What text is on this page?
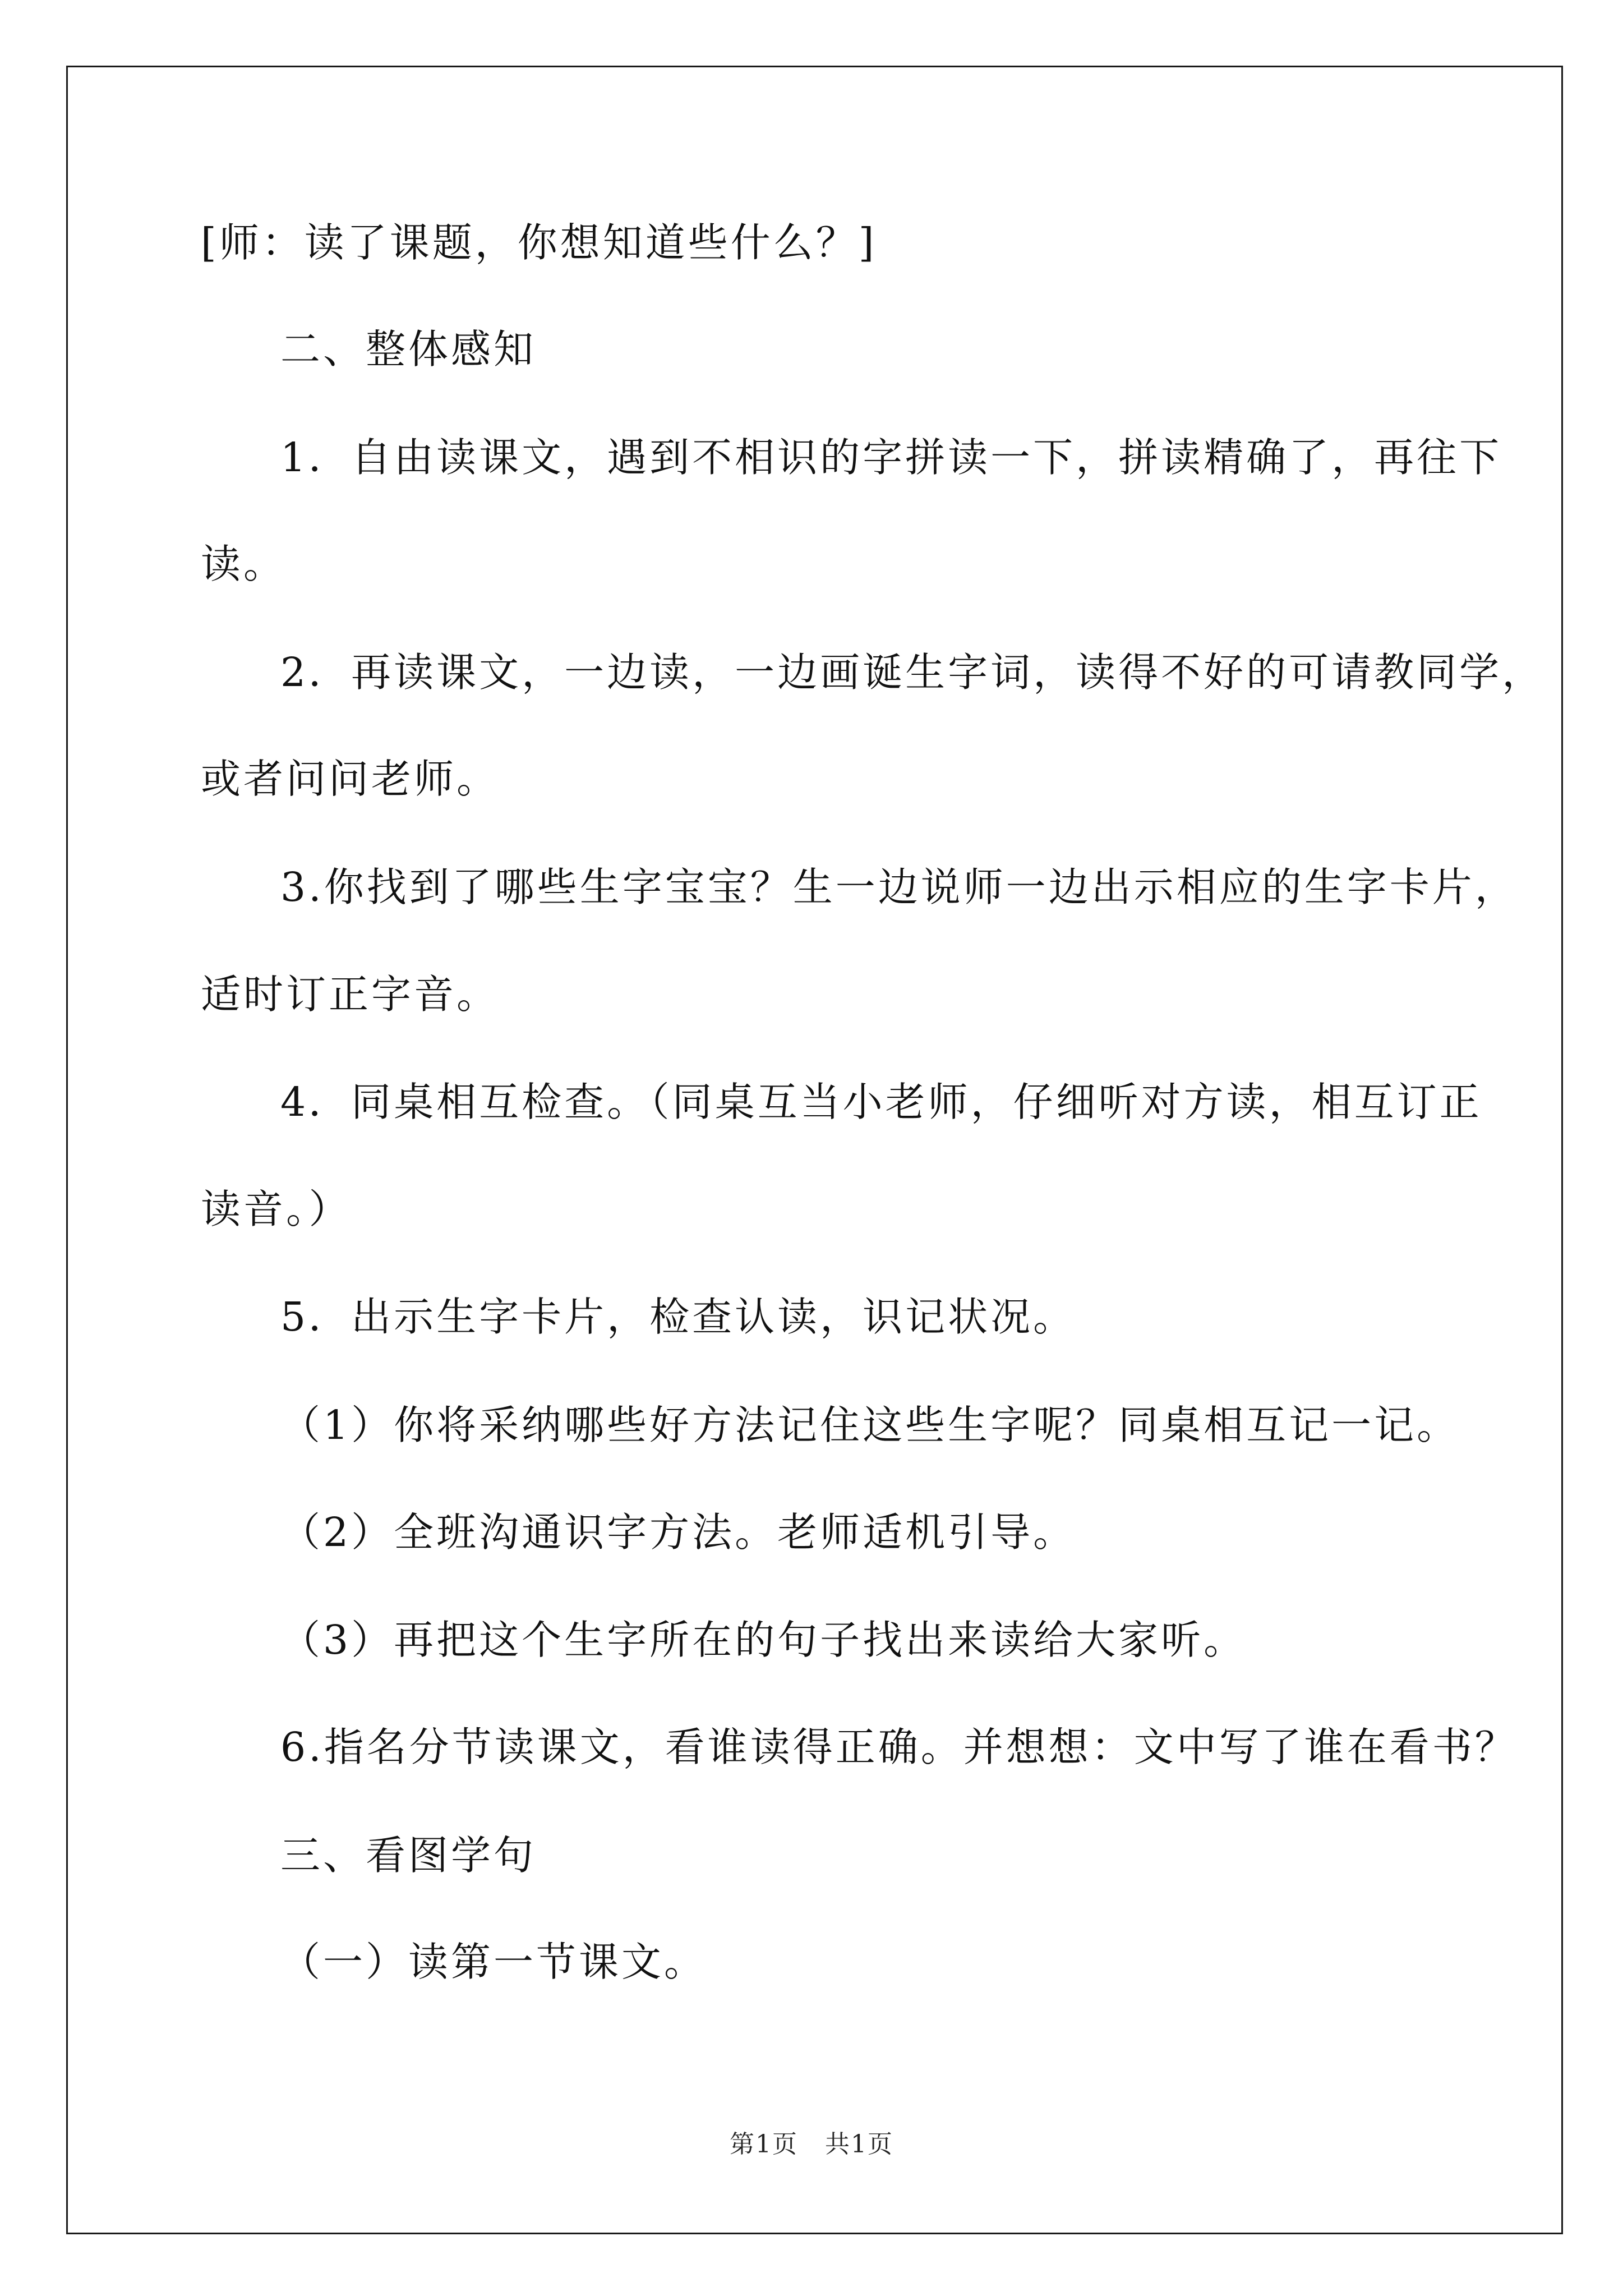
[师：读了课题，你想知道些什么？]

二、整体感知

1．自由读课文，遇到不相识的字拼读一下，拼读精确了，再往下

读。

2．再读课文，一边读，一边画诞生字词，读得不好的可请教同学，

或者问问老师。

3.你找到了哪些生字宝宝？生一边说师一边出示相应的生字卡片，

适时订正字音。

4．同桌相互检查。（同桌互当小老师，仔细听对方读，相互订正

读音。）

5．出示生字卡片，检查认读，识记状况。

（1）你将采纳哪些好方法记住这些生字呢？同桌相互记一记。

（2）全班沟通识字方法。老师适机引导。

（3）再把这个生字所在的句子找出来读给大家听。

6.指名分节读课文，看谁读得正确。并想想：文中写了谁在看书？

三、看图学句

（一）读第一节课文。

第1页   共1页
